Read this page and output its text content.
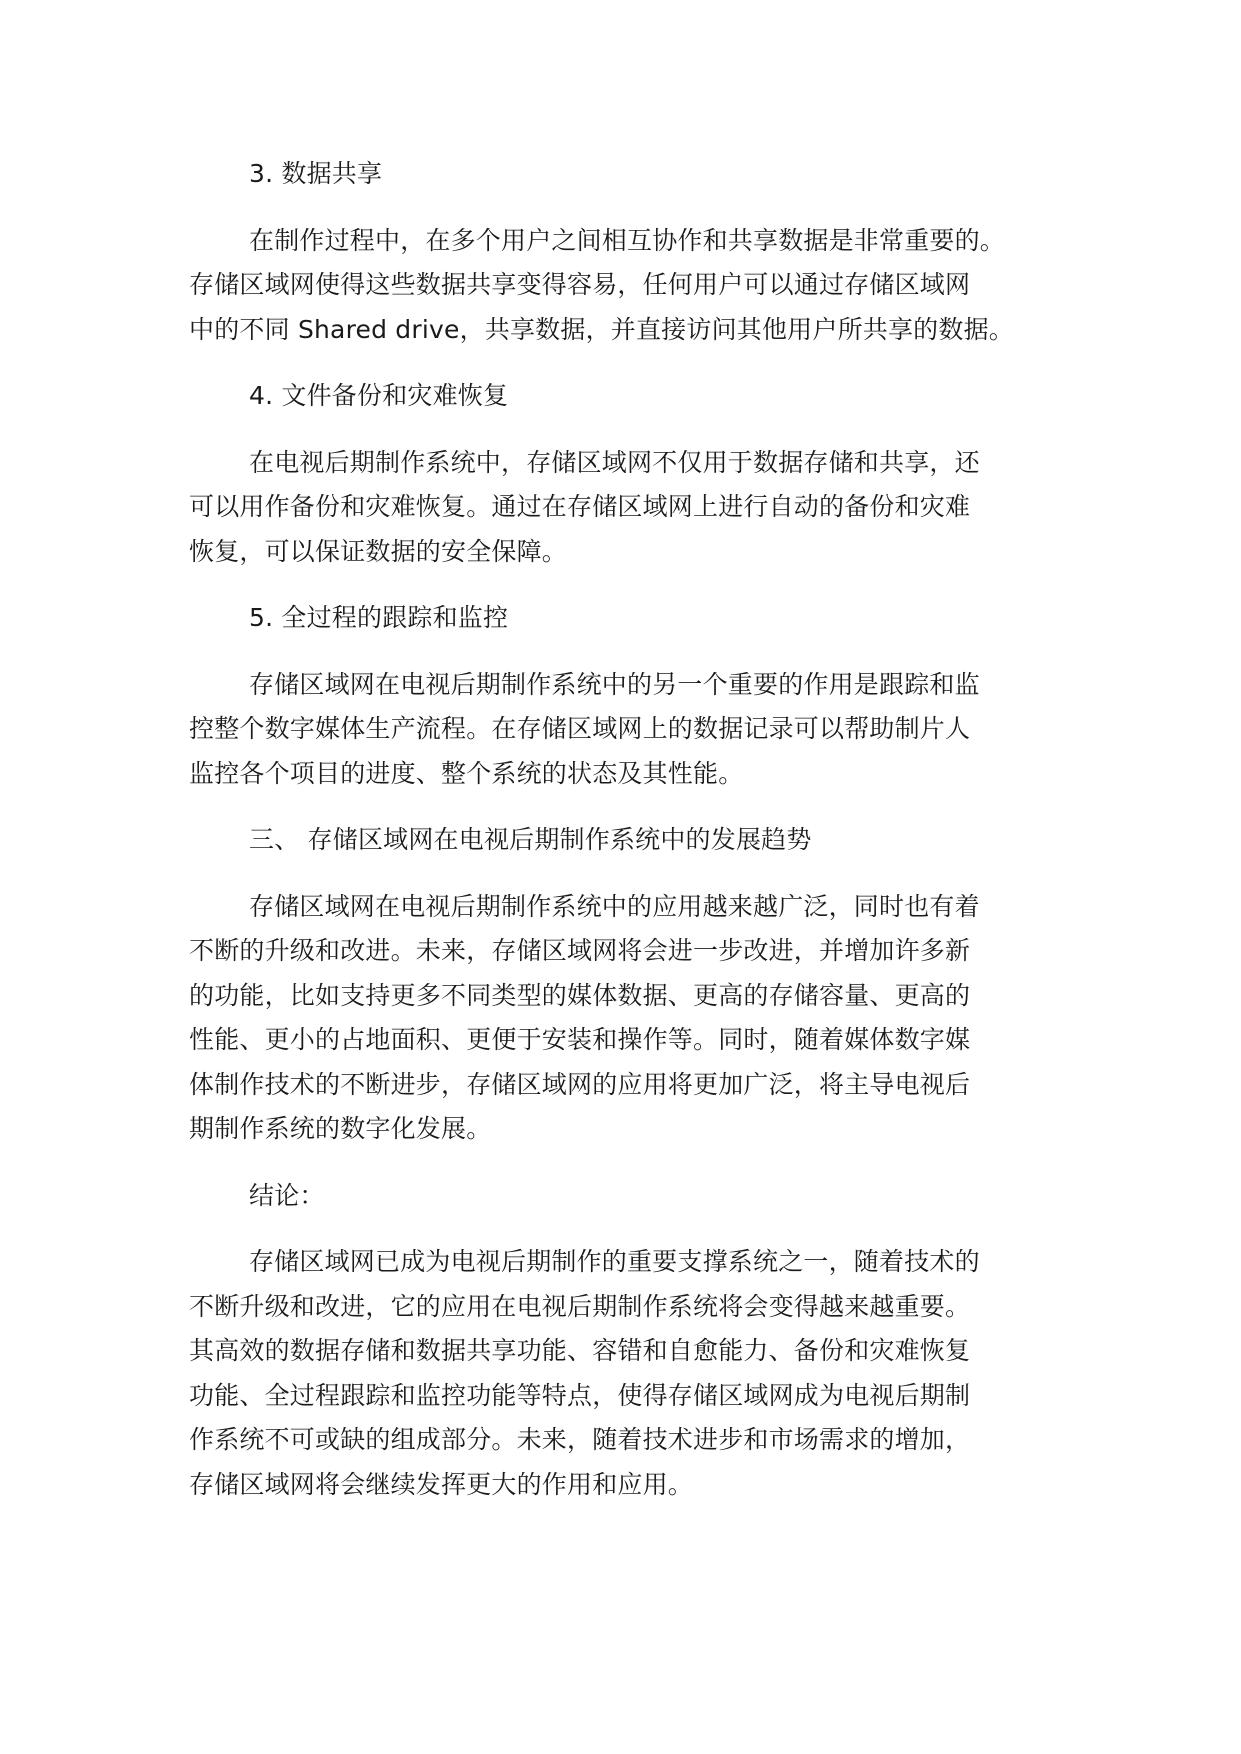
3. 数据共享
在制作过程中，在多个用户之间相互协作和共享数据是非常重要的。
存储区域网使得这些数据共享变得容易，任何用户可以通过存储区域网
中的不同 Shared drive，共享数据，并直接访问其他用户所共享的数据。
4. 文件备份和灾难恢复
在电视后期制作系统中，存储区域网不仅用于数据存储和共享，还
可以用作备份和灾难恢复。通过在存储区域网上进行自动的备份和灾难
恢复，可以保证数据的安全保障。
5. 全过程的跟踪和监控
存储区域网在电视后期制作系统中的另一个重要的作用是跟踪和监
控整个数字媒体生产流程。在存储区域网上的数据记录可以帮助制片人
监控各个项目的进度、整个系统的状态及其性能。
三、 存储区域网在电视后期制作系统中的发展趋势
存储区域网在电视后期制作系统中的应用越来越广泛，同时也有着
不断的升级和改进。未来，存储区域网将会进一步改进，并增加许多新
的功能，比如支持更多不同类型的媒体数据、更高的存储容量、更高的
性能、更小的占地面积、更便于安装和操作等。同时，随着媒体数字媒
体制作技术的不断进步，存储区域网的应用将更加广泛，将主导电视后
期制作系统的数字化发展。
结论：
存储区域网已成为电视后期制作的重要支撑系统之一，随着技术的
不断升级和改进，它的应用在电视后期制作系统将会变得越来越重要。
其高效的数据存储和数据共享功能、容错和自愈能力、备份和灾难恢复
功能、全过程跟踪和监控功能等特点，使得存储区域网成为电视后期制
作系统不可或缺的组成部分。未来，随着技术进步和市场需求的增加，
存储区域网将会继续发挥更大的作用和应用。
